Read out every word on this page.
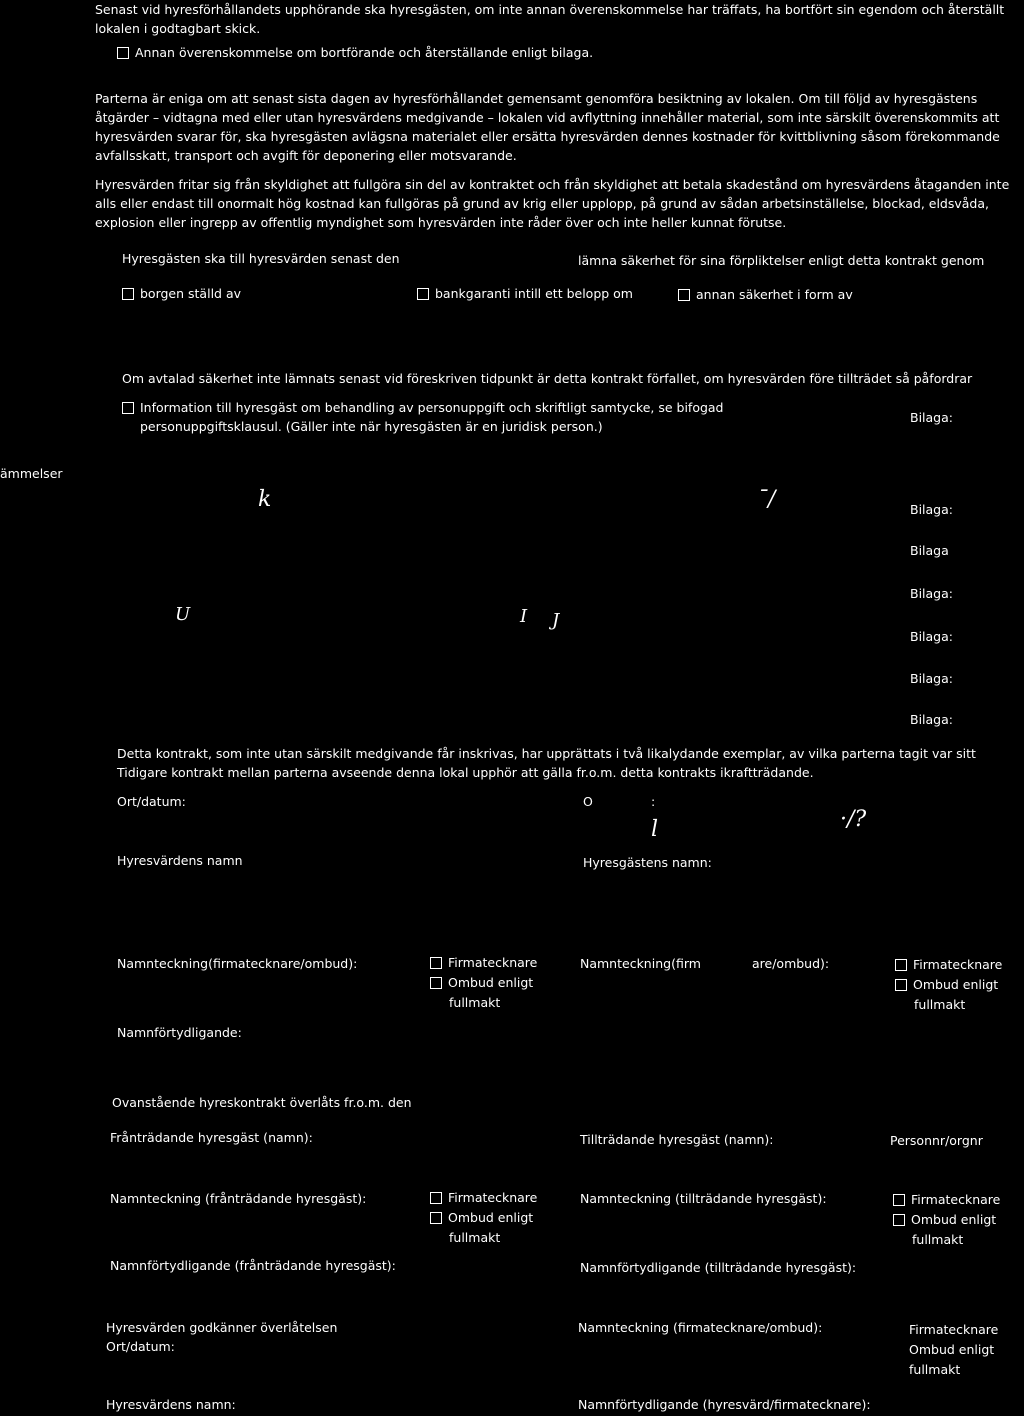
Senast vid hyresförhållandets upphörande ska hyresgästen, om inte annan överenskommelse har träffats, ha bortfört sin egendom och återställt lokalen i godtagbart skick.
Annan överenskommelse om bortförande och återställande enligt bilaga.
Parterna är eniga om att senast sista dagen av hyresförhållandet gemensamt genomföra besiktning av lokalen. Om till följd av hyresgästens åtgärder – vidtagna med eller utan hyresvärdens medgivande – lokalen vid avflyttning innehåller material, som inte särskilt överenskommits att hyresvärden svarar för, ska hyresgästen avlägsna materialet eller ersätta hyresvärden dennes kostnader för kvittblivning såsom förekommande avfallsskatt, transport och avgift för deponering eller motsvarande.
Hyresvärden fritar sig från skyldighet att fullgöra sin del av kontraktet och från skyldighet att betala skadestånd om hyresvärdens åtaganden inte alls eller endast till onormalt hög kostnad kan fullgöras på grund av krig eller upplopp, på grund av sådan arbetsinställelse, blockad, eldsvåda, explosion eller ingrepp av offentlig myndighet som hyresvärden inte råder över och inte heller kunnat förutse.
Hyresgästen ska till hyresvärden senast den	lämna säkerhet för sina förpliktelser enligt detta kontrakt genom
borgen ställd av	bankgaranti intill ett belopp om	annan säkerhet i form av
Om avtalad säkerhet inte lämnats senast vid föreskriven tidpunkt är detta kontrakt förfallet, om hyresvärden före tillträdet så påfordrar
Information till hyresgäst om behandling av personuppgift och skriftligt samtycke, se bifogad
personuppgiftsklausul. (Gäller inte när hyresgästen är en juridisk person.)
Bilaga:
ämmelser
k	¯/
U	I J
Bilaga:
Bilaga
Bilaga:
Bilaga:
Bilaga:
Bilaga:
Detta kontrakt, som inte utan särskilt medgivande får inskrivas, har upprättats i två likalydande exemplar, av vilka parterna tagit var sitt
Tidigare kontrakt mellan parterna avseende denna lokal upphör att gälla fr.o.m. detta kontrakts ikraftträdande.
Ort/datum:	O	:
l	·/?
Hyresvärdens namn	Hyresgästens namn:
Namnteckning(firmatecknare/ombud):	Firmatecknare
Ombud enligt
fullmakt
Namnteckning(firm	are/ombud):	Firmatecknare
Ombud enligt
fullmakt
Namnförtydligande:
Ovanstående hyreskontrakt överlåts fr.o.m. den
Frånträdande hyresgäst (namn):	Tillträdande hyresgäst (namn):	Personnr/orgnr
Namnteckning (frånträdande hyresgäst):	Firmatecknare
Ombud enligt
fullmakt
Namnteckning (tillträdande hyresgäst):	Firmatecknare
Ombud enligt
fullmakt
Namnförtydligande (frånträdande hyresgäst):	Namnförtydligande (tillträdande hyresgäst):
Hyresvärden godkänner överlåtelsen
Ort/datum:
Namnteckning (firmatecknare/ombud):	Firmatecknare
Ombud enligt
fullmakt
Hyresvärdens namn:	Namnförtydligande (hyresvärd/firmatecknare):
